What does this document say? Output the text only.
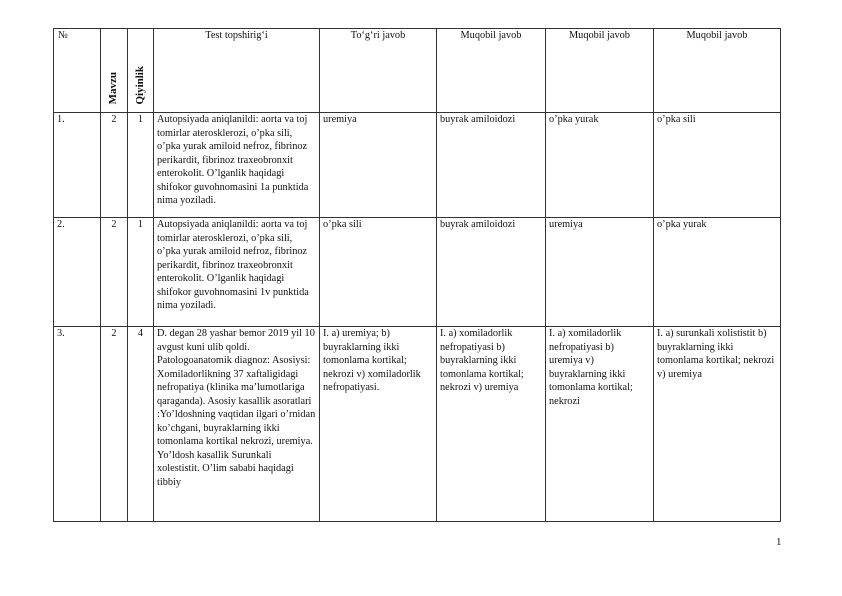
№	Mavzu	Qiyinlik	Test topshirigʻi	Toʻgʻri javob	Muqobil javob	Muqobil javob	Muqobil javob
1.	2	1	Autopsiyada aniqlanildi: aorta va toj tomirlar aterosklerozi, o’pka sili, o’pka yurak amiloid nefroz, fibrinoz perikardit, fibrinoz traxeobronxit enterokolit. O’lganlik haqidagi shifokor guvohnomasini 1a punktida nima yoziladi.	uremiya	buyrak amiloidozi	o’pka yurak	o’pka sili
2.	2	1	Autopsiyada aniqlanildi: aorta va toj tomirlar aterosklerozi, o’pka sili, o’pka yurak amiloid nefroz, fibrinoz perikardit, fibrinoz traxeobronxit enterokolit. O’lganlik haqidagi shifokor guvohnomasini 1v punktida nima yoziladi.	o’pka sili	buyrak amiloidozi	uremiya	o’pka yurak
3.	2	4	D. degan 28 yashar bemor 2019 yil 10 avgust kuni ulib qoldi. Patologoanatomik diagnoz: Asosiysi: Xomiladorlikning 37 xaftaligidagi nefropatiya (klinika ma’lumotlariga qaraganda). Asosiy kasallik asoratlari :Yo’ldoshning vaqtidan ilgari o’rnidan ko’chgani, buyraklarning ikki tomonlama kortikal nekrozi, uremiya. Yo’ldosh kasallik Surunkali xolestistit. O’lim sababi haqidagi tibbiy	I. a) uremiya; b) buyraklarning ikki tomonlama kortikal; nekrozi v) xomiladorlik nefropatiyasi.	I. a) xomiladorlik nefropatiyasi b) buyraklarning ikki tomonlama kortikal; nekrozi v) uremiya	I. a) xomiladorlik nefropatiyasi b) uremiya v) buyraklarning ikki tomonlama kortikal; nekrozi	I. a) surunkali xolististit b) buyraklarning ikki tomonlama kortikal; nekrozi v) uremiya
1
